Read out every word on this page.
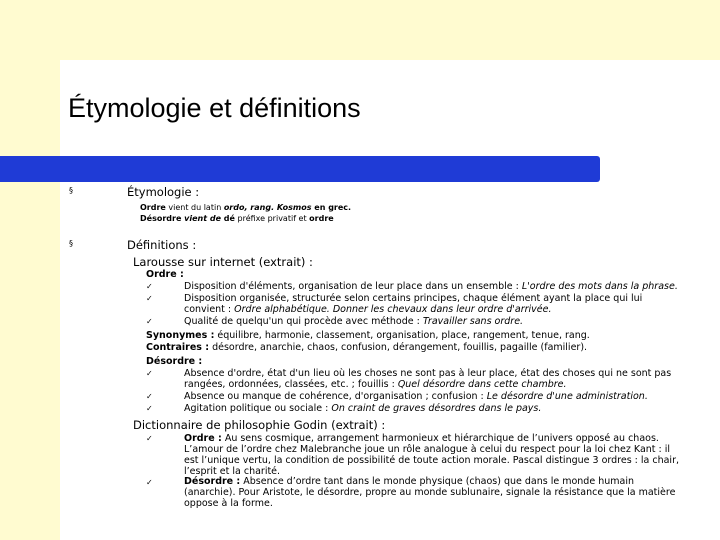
Étymologie et définitions
§	Étymologie :
Ordre vient du latin ordo, rang. Kosmos en grec.
Désordre vient de dé préfixe privatif et ordre
§	Définitions :
Larousse sur internet (extrait) :
Ordre :
✓	Disposition d'éléments, organisation de leur place dans un ensemble : L'ordre des mots dans la phrase.
✓	Disposition organisée, structurée selon certains principes, chaque élément ayant la place qui lui
convient : Ordre alphabétique. Donner les chevaux dans leur ordre d'arrivée.
✓	Qualité de quelqu'un qui procède avec méthode : Travailler sans ordre.
Synonymes : équilibre, harmonie, classement, organisation, place, rangement, tenue, rang.
Contraires : désordre, anarchie, chaos, confusion, dérangement, fouillis, pagaille (familier).
Désordre :
✓	Absence d'ordre, état d'un lieu où les choses ne sont pas à leur place, état des choses qui ne sont pas
rangées, ordonnées, classées, etc. ; fouillis : Quel désordre dans cette chambre.
✓	Absence ou manque de cohérence, d'organisation ; confusion : Le désordre d'une administration.
✓	Agitation politique ou sociale : On craint de graves désordres dans le pays.
Dictionnaire de philosophie Godin (extrait) :
✓	Ordre : Au sens cosmique, arrangement harmonieux et hiérarchique de l’univers opposé au chaos.
L’amour de l’ordre chez Malebranche joue un rôle analogue à celui du respect pour la loi chez Kant : il
est l’unique vertu, la condition de possibilité de toute action morale. Pascal distingue 3 ordres : la chair,
l’esprit et la charité.
✓	Désordre : Absence d’ordre tant dans le monde physique (chaos) que dans le monde humain
(anarchie). Pour Aristote, le désordre, propre au monde sublunaire, signale la résistance que la matière
oppose à la forme.
